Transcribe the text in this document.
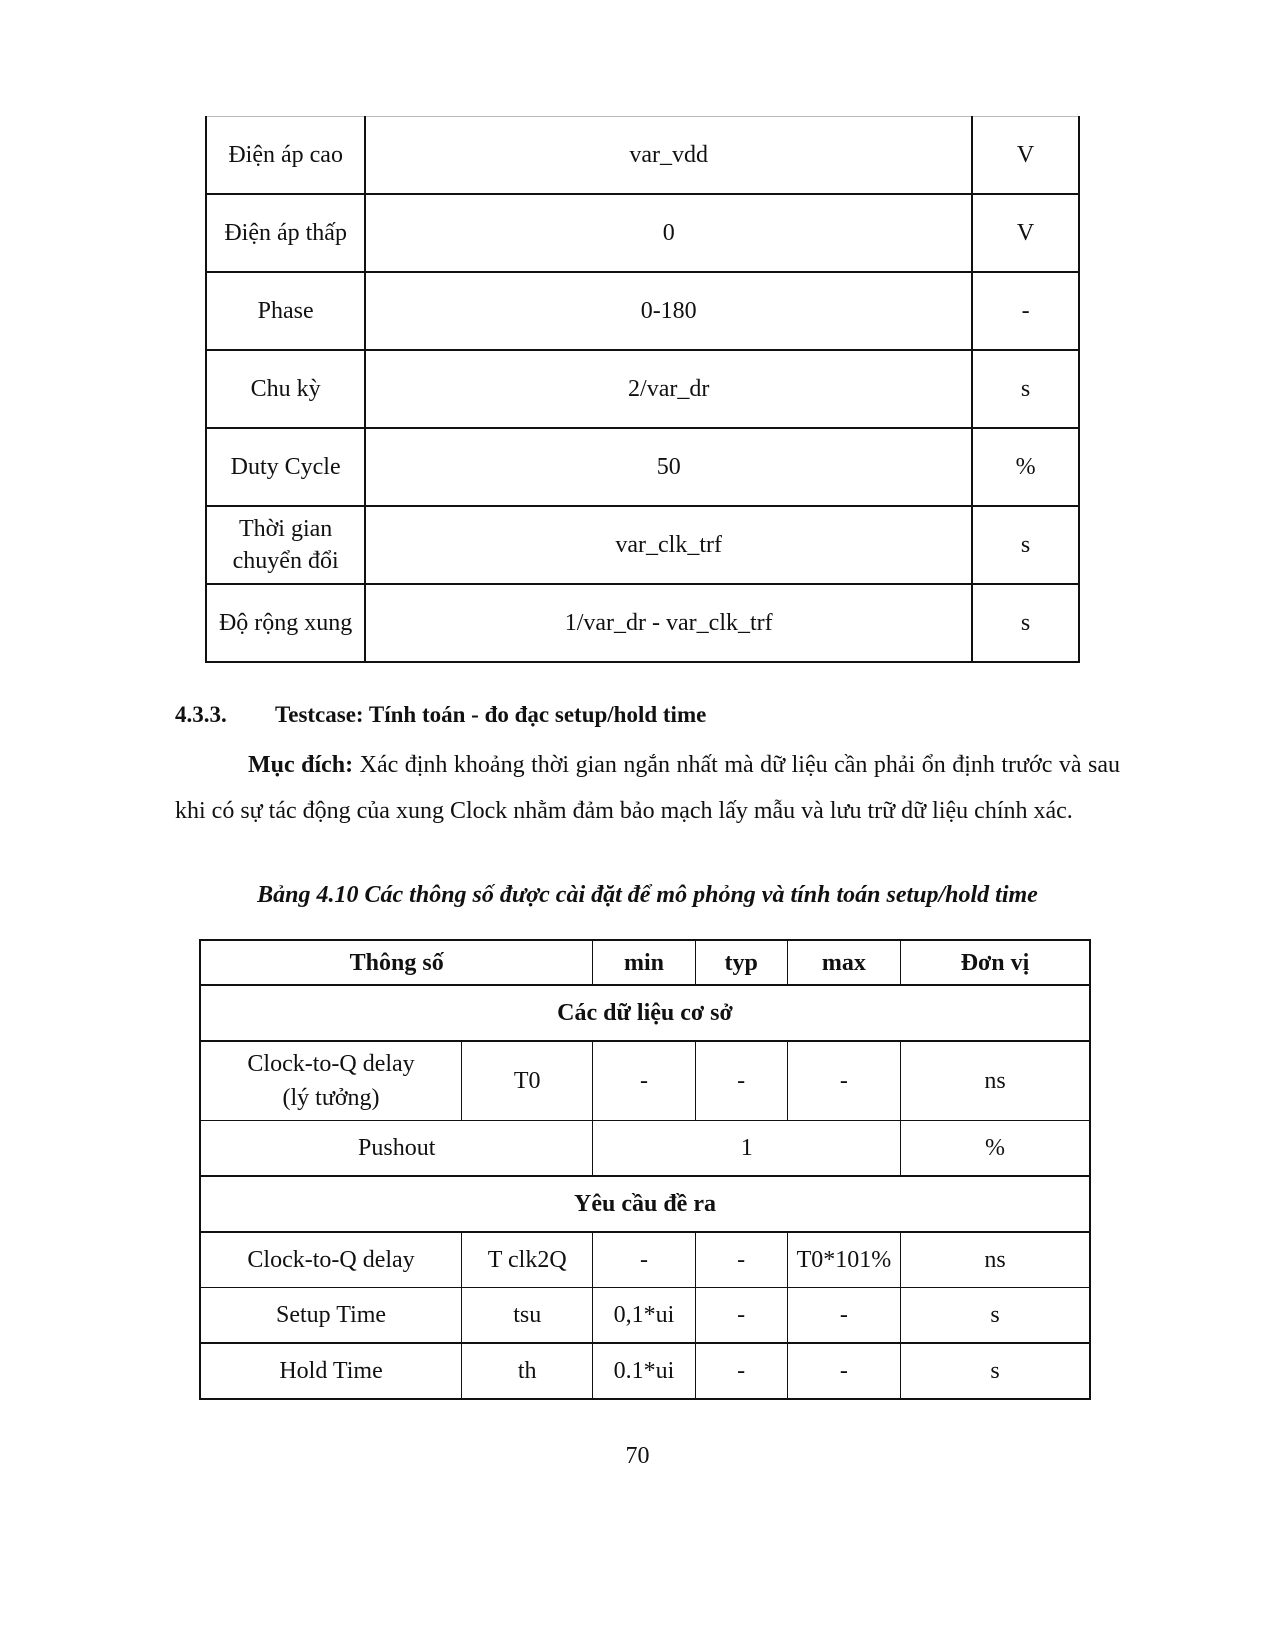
Điện áp cao	var_vdd	V
Điện áp thấp	0	V
Phase	0-180	-
Chu kỳ	2/var_dr	s
Duty Cycle	50	%

Thời gian
chuyển đổi	var_clk_trf	s
Độ rộng xung	1/var_dr - var_clk_trf	s
4.3.3. Testcase: Tính toán - đo đạc setup/hold time

Mục đích: Xác định khoảng thời gian ngắn nhất mà dữ liệu cần phải ổn định trước và sau khi có sự tác động của xung Clock nhằm đảm bảo mạch lấy mẫu và lưu trữ dữ liệu chính xác.

Bảng 4.10 Các thông số được cài đặt để mô phỏng và tính toán setup/hold time
Thông số		min	typ	max	Đơn vị
Các dữ liệu cơ sở					

Clock-to-Q delay
(lý tưởng)	T0	-	-	-	ns
Pushout		1			%
Yêu cầu đề ra					
Clock-to-Q delay	T clk2Q	-	-	T0*101%	ns
Setup Time	tsu	0,1*ui	-	-	s
Hold Time	th	0.1*ui	-	-	s
70
